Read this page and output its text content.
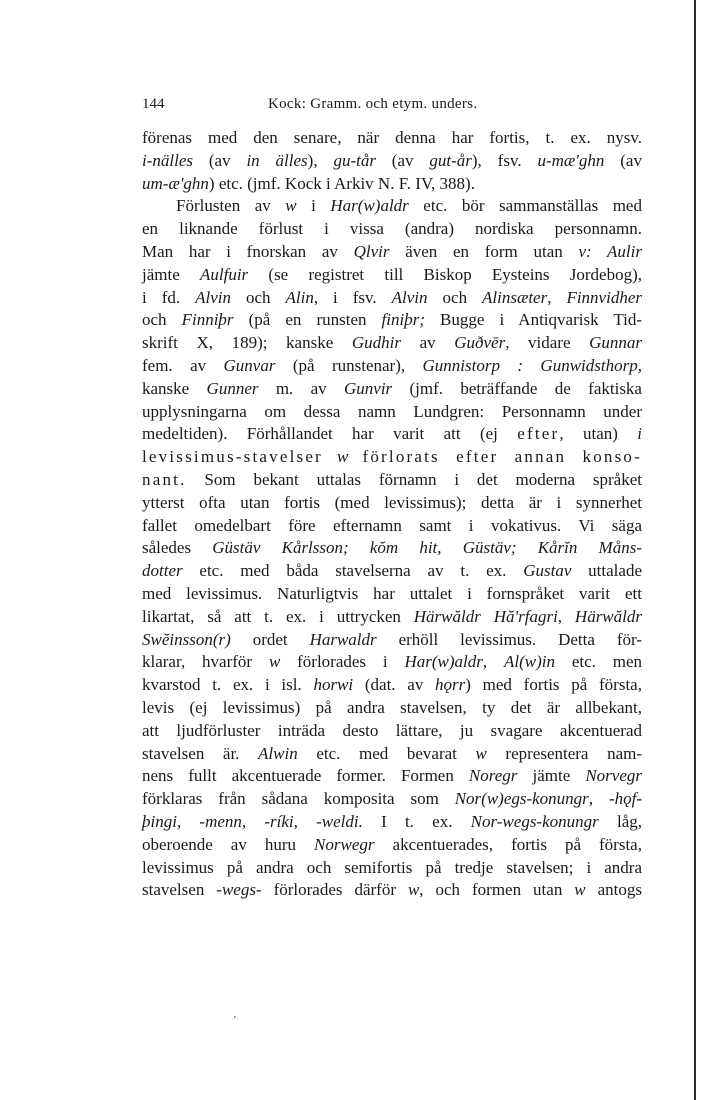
144	Kock: Gramm. och etym. unders.
förenas med den senare, när denna har fortis, t. ex. nysv.
i-nälles (av in älles), gu-tår (av gut-år), fsv. u-mæ'ghn (av
um-æ'ghn) etc. (jmf. Kock i Arkiv N. F. IV, 388).
Förlusten av w i Har(w)aldr etc. bör sammanställas med
en liknande förlust i vissa (andra) nordiska personnamn.
Man har i fnorskan av Qlvir även en form utan v: Aulir
jämte Aulfuir (se registret till Biskop Eysteins Jordebog),
i fd. Alvin och Alin, i fsv. Alvin och Alinsæter, Finnvidher
och Finniþr (på en runsten finiþr; Bugge i Antiqvarisk Tid-
skrift X, 189); kanske Gudhir av Guðvēr, vidare Gunnar
fem. av Gunvar (på runstenar), Gunnistorp : Gunwidsthorp,
kanske Gunner m. av Gunvir (jmf. beträffande de faktiska
upplysningarna om dessa namn Lundgren: Personnamn under
medeltiden). Förhållandet har varit att (ej efter, utan) i
levissimus-stavelser w förlorats efter annan konso-
nant. Som bekant uttalas förnamn i det moderna språket
ytterst ofta utan fortis (med levissimus); detta är i synnerhet
fallet omedelbart före efternamn samt i vokativus. Vi säga
således Güstäv Kårlsson; kŏm hit, Güstäv; Kårĭn Måns-
dotter etc. med båda stavelserna av t. ex. Gustav uttalade
med levissimus. Naturligtvis har uttalet i fornspråket varit ett
likartat, så att t. ex. i uttrycken Härwăldr Hă'rfagri, Härwăldr
Swĕinsson(r) ordet Harwaldr erhöll levissimus. Detta för-
klarar, hvarför w förlorades i Har(w)aldr, Al(w)in etc. men
kvarstod t. ex. i isl. horwi (dat. av hǫrr) med fortis på första,
levis (ej levissimus) på andra stavelsen, ty det är allbekant,
att ljudförluster inträda desto lättare, ju svagare akcentuerad
stavelsen är. Alwin etc. med bevarat w representera nam-
nens fullt akcentuerade former. Formen Noregr jämte Norvegr
förklaras från sådana komposita som Nor(w)egs-konungr, -hǫf-
þingi, -menn, -ríki, -weldi. I t. ex. Nor-wegs-konungr låg,
oberoende av huru Norwegr akcentuerades, fortis på första,
levissimus på andra och semifortis på tredje stavelsen; i andra
stavelsen -wegs- förlorades därför w, och formen utan w antogs
'
